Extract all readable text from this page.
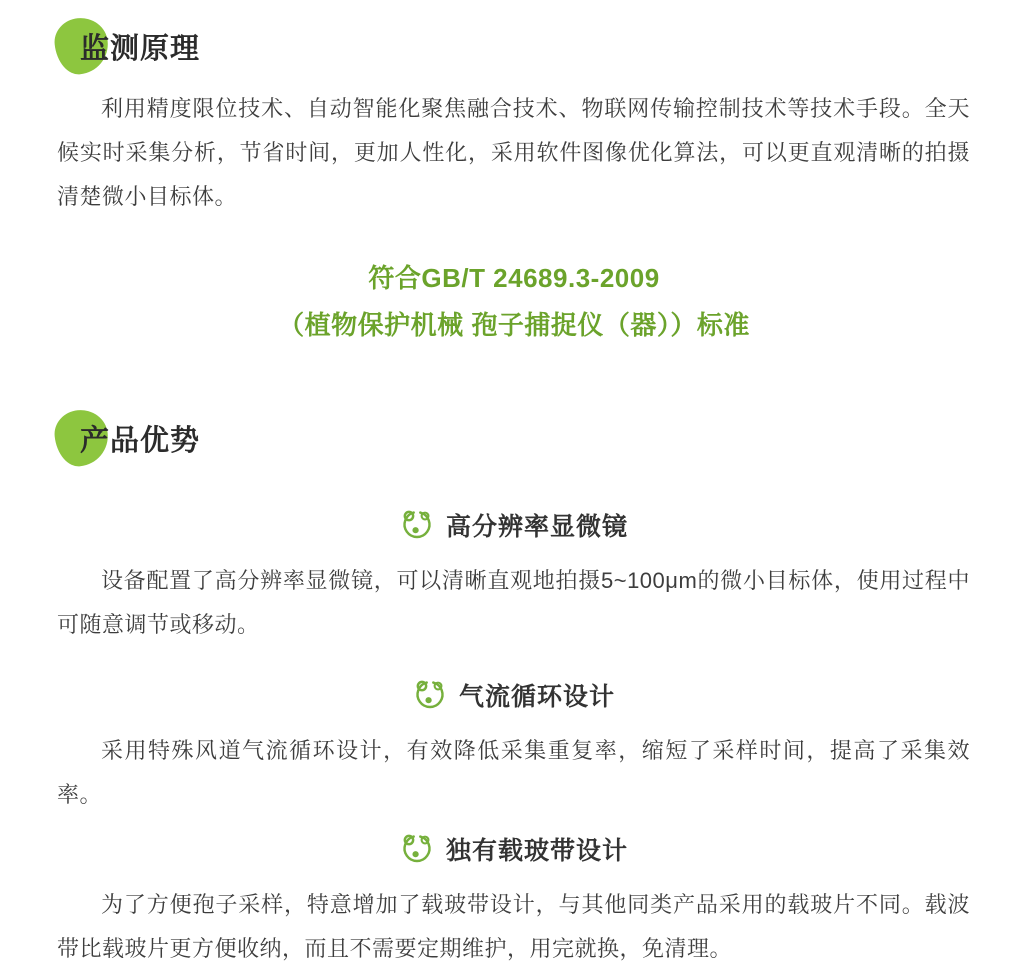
监测原理

利用精度限位技术、自动智能化聚焦融合技术、物联网传输控制技术等技术手段。全天候实时采集分析，节省时间，更加人性化，采用软件图像优化算法，可以更直观清晰的拍摄清楚微小目标体。

符合GB/T 24689.3-2009
（植物保护机械 孢子捕捉仪（器））标准
产品优势
高分辨率显微镜

设备配置了高分辨率显微镜，可以清晰直观地拍摄5~100μm的微小目标体，使用过程中可随意调节或移动。

气流循环设计

采用特殊风道气流循环设计，有效降低采集重复率，缩短了采样时间，提高了采集效率。

独有载玻带设计

为了方便孢子采样，特意增加了载玻带设计，与其他同类产品采用的载玻片不同。载波带比载玻片更方便收纳，而且不需要定期维护，用完就换，免清理。
